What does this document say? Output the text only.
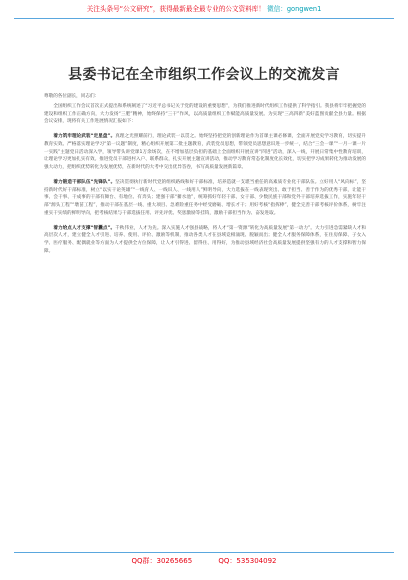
关注头条号“公文研究”，获得最新最全最专业的公文资料库！ 微信：gongwen1
县委书记在全市组织工作会议上的交流发言

尊敬的各位副长，同志们：

全国组织工作会议首次正式提出和系统阐述了“习近平总书记关于党的建设的重要思想”，为我们推进新时代组织工作提供了科学指引。我县将牢牢把握党的建设和组织工作正确方向，大力发扬“三肥”精神，始终保持“三干”作风，以高质量组织工作赋能高质量发展。为实现“三高四新”美好蓝图贡献全县力量。根据会议安排，现将有关工作进展情况汇报如下：

着力筑牢理论武装“定星盘”。真理之光照耀前行，理论武装一以贯之。始终坚持把党的创新理论作为首课主课必修课，全面开展党史学习教育，切实提升教育实效。严格落实理论学习“第一议题”制度，精心组织开展第二批主题教育，武装党员思想，带领党员思想意识进一步统一，结合“三会一课”“一月一课一片一实践”主题党日活动深入学，领导带头讲党课1万余场次，在不增加基层负担的基础上全面组织开展宣讲“四进”活动，深入一线，开展日常集中性教育培训，让理论学习更加扎实有效。推进党员干部进村入户、联系群众，扎实开展主题宣讲活动，推动学习教育常态化制度化长效化，切实把学习成果转化为推动发展的强大动力，把组织优势转化为发展优势，在新时代的大考中交出优异答卷，书写高质量发展新篇章。

着力锻造干部队伍“先锋队”。坚决贯彻执行新时代党的组织路线和好干部标准，培养造就一支堪当重任的高素质专业化干部队伍。立好用人“风向标”，坚持新时代好干部标准，树立“以实干论英雄”“一线育人、一线识人、一线用人”鲜明导向，大力选拔在一线表现突出、敢于担当、善于作为的优秀干部，让能干事、会干事、干成事的干部有舞台、有地位、有奔头；建强干部“蓄水池”，统筹抓好年轻干部、女干部、少数民族干部和党外干部培养选拔工作，实施年轻干部“源头工程”“墩苗工程”，推动干部在基层一线、重大项目、急难险重任务中经受磨砺、增长才干；用好考核“指挥棒”，健全完善干部考核评价体系，树牢注重实干实绩的鲜明导向，把考核结果与干部选拔任用、评先评优、奖惩激励等挂钩，激励干部担当作为、奋发进取。

着力给点人才支撑“智囊点”。千秋伟业，人才为先。深入实施人才强县战略，将人才“第一资源”转化为高质量发展“第一动力”。大力引进急需紧缺人才和高层次人才，建立健全人才引进、培养、使用、评价、激励等机制，推动各类人才在县域竞相涌现、脱颖而出；健全人才服务保障体系，在住房保障、子女入学、医疗服务、配偶就业等方面为人才提供全方位保障，让人才引得进、留得住、用得好，为推动县域经济社会高质量发展提供坚强有力的人才支撑和智力保障。

QQ群：30265665	QQ：535304092
